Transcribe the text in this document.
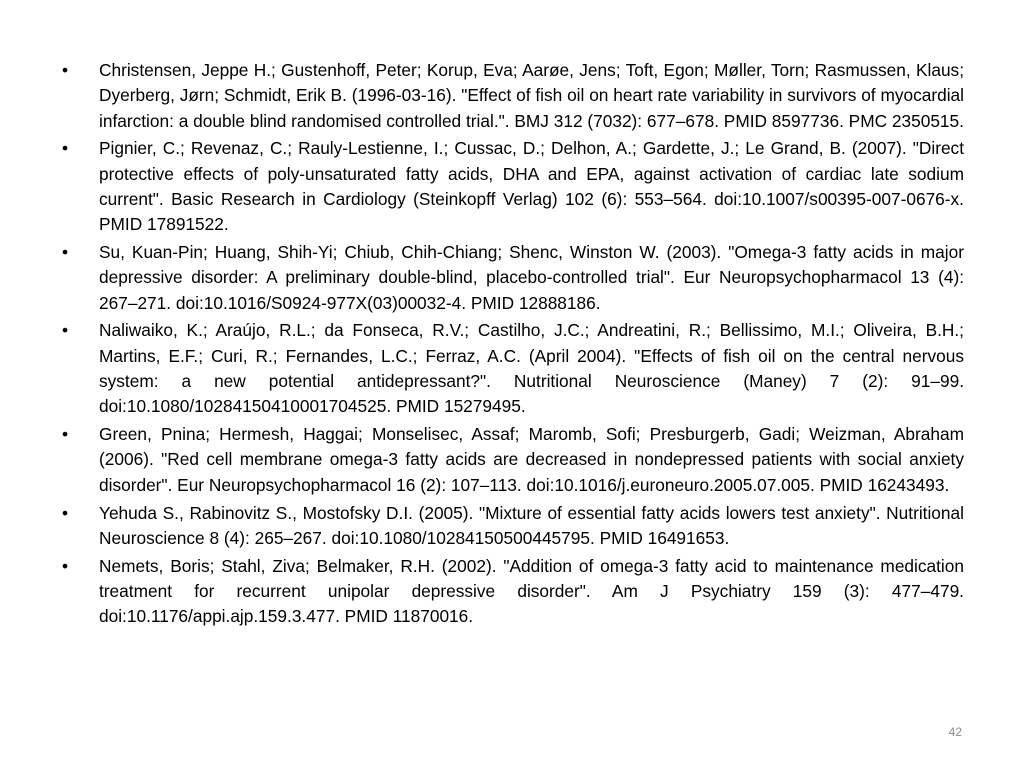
• Christensen, Jeppe H.; Gustenhoff, Peter; Korup, Eva; Aarøe, Jens; Toft, Egon; Møller, Torn; Rasmussen, Klaus; Dyerberg, Jørn; Schmidt, Erik B. (1996-03-16). "Effect of fish oil on heart rate variability in survivors of myocardial infarction: a double blind randomised controlled trial.". BMJ 312 (7032): 677–678. PMID 8597736. PMC 2350515.
• Pignier, C.; Revenaz, C.; Rauly-Lestienne, I.; Cussac, D.; Delhon, A.; Gardette, J.; Le Grand, B. (2007). "Direct protective effects of poly-unsaturated fatty acids, DHA and EPA, against activation of cardiac late sodium current". Basic Research in Cardiology (Steinkopff Verlag) 102 (6): 553–564. doi:10.1007/s00395-007-0676-x. PMID 17891522.
• Su, Kuan-Pin; Huang, Shih-Yi; Chiub, Chih-Chiang; Shenc, Winston W. (2003). "Omega-3 fatty acids in major depressive disorder: A preliminary double-blind, placebo-controlled trial". Eur Neuropsychopharmacol 13 (4): 267–271. doi:10.1016/S0924-977X(03)00032-4. PMID 12888186.
• Naliwaiko, K.; Araújo, R.L.; da Fonseca, R.V.; Castilho, J.C.; Andreatini, R.; Bellissimo, M.I.; Oliveira, B.H.; Martins, E.F.; Curi, R.; Fernandes, L.C.; Ferraz, A.C. (April 2004). "Effects of fish oil on the central nervous system: a new potential antidepressant?". Nutritional Neuroscience (Maney) 7 (2): 91–99. doi:10.1080/10284150410001704525. PMID 15279495.
• Green, Pnina; Hermesh, Haggai; Monselisec, Assaf; Maromb, Sofi; Presburgerb, Gadi; Weizman, Abraham (2006). "Red cell membrane omega-3 fatty acids are decreased in nondepressed patients with social anxiety disorder". Eur Neuropsychopharmacol 16 (2): 107–113. doi:10.1016/j.euroneuro.2005.07.005. PMID 16243493.
• Yehuda S., Rabinovitz S., Mostofsky D.I. (2005). "Mixture of essential fatty acids lowers test anxiety". Nutritional Neuroscience 8 (4): 265–267. doi:10.1080/10284150500445795. PMID 16491653.
• Nemets, Boris; Stahl, Ziva; Belmaker, R.H. (2002). "Addition of omega-3 fatty acid to maintenance medication treatment for recurrent unipolar depressive disorder". Am J Psychiatry 159 (3): 477–479. doi:10.1176/appi.ajp.159.3.477. PMID 11870016.
42
